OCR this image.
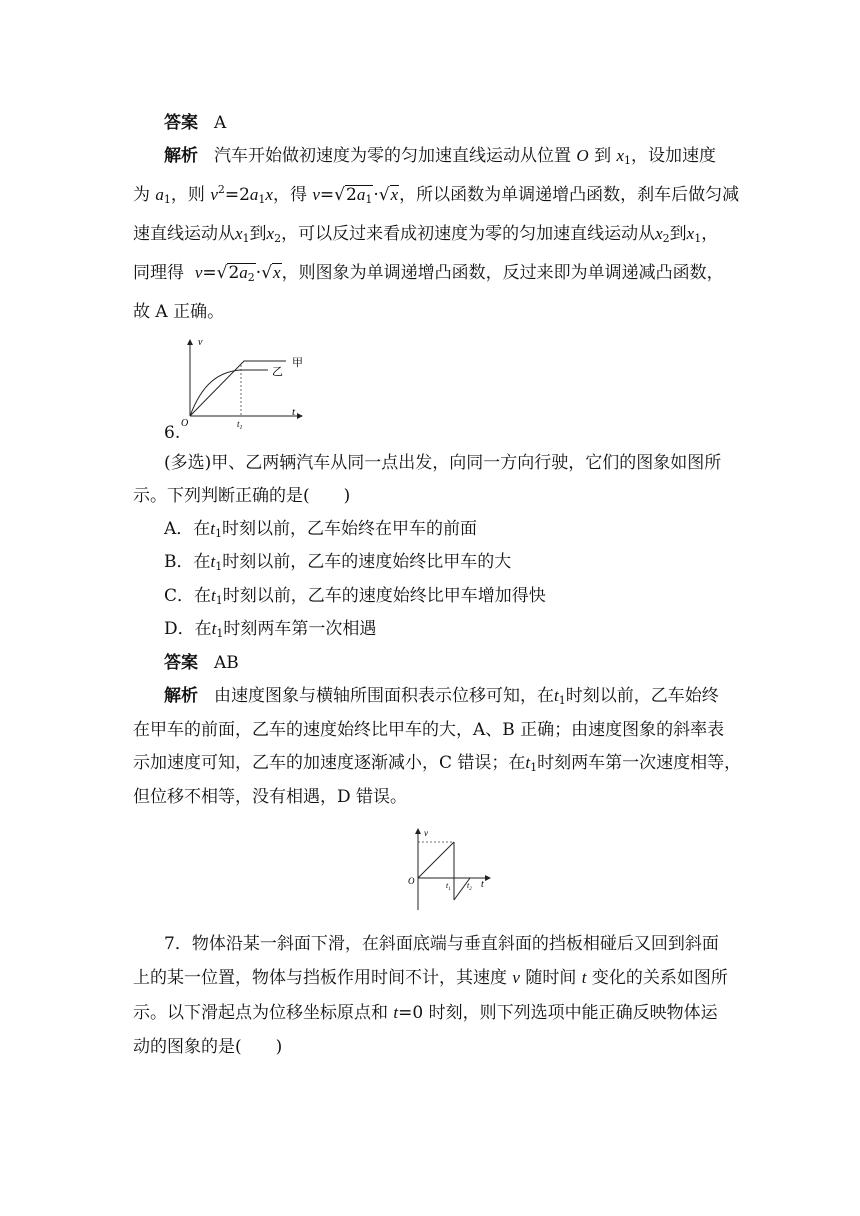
答案 A
解析 汽车开始做初速度为零的匀加速直线运动从位置 O 到 $x_1$，设加速度
为 $a_1$，则 $v^2=2a_1x$，得 $v=√2a_1\cdot√x$，所以函数为单调递增凸函数，刹车后做匀减
速直线运动从$x_1$到$x_2$，可以反过来看成初速度为零的匀加速直线运动从$x_2$到$x_1$，
同理得 $v=√2a_2\cdot√x$，则图象为单调递增凸函数，反过来即为单调递减凸函数，
故 A 正确。
v
t
O	$t_1$
甲
乙
6.
(多选)甲、乙两辆汽车从同一点出发，向同一方向行驶，它们的图象如图所
示。下列判断正确的是(　　)
A．在$t_1$时刻以前，乙车始终在甲车的前面
B．在$t_1$时刻以前，乙车的速度始终比甲车的大
C．在$t_1$时刻以前，乙车的速度始终比甲车增加得快
D．在$t_1$时刻两车第一次相遇
答案 AB
解析 由速度图象与横轴所围面积表示位移可知，在$t_1$时刻以前，乙车始终
在甲车的前面，乙车的速度始终比甲车的大，A、B 正确；由速度图象的斜率表
示加速度可知，乙车的加速度逐渐减小，C 错误；在$t_1$时刻两车第一次速度相等，
但位移不相等，没有相遇，D 错误。
v
t
O	$t_1$ $t_2$
7．物体沿某一斜面下滑，在斜面底端与垂直斜面的挡板相碰后又回到斜面
上的某一位置，物体与挡板作用时间不计，其速度 v 随时间 t 变化的关系如图所
示。以下滑起点为位移坐标原点和 t=0 时刻，则下列选项中能正确反映物体运
动的图象的是(　　)
